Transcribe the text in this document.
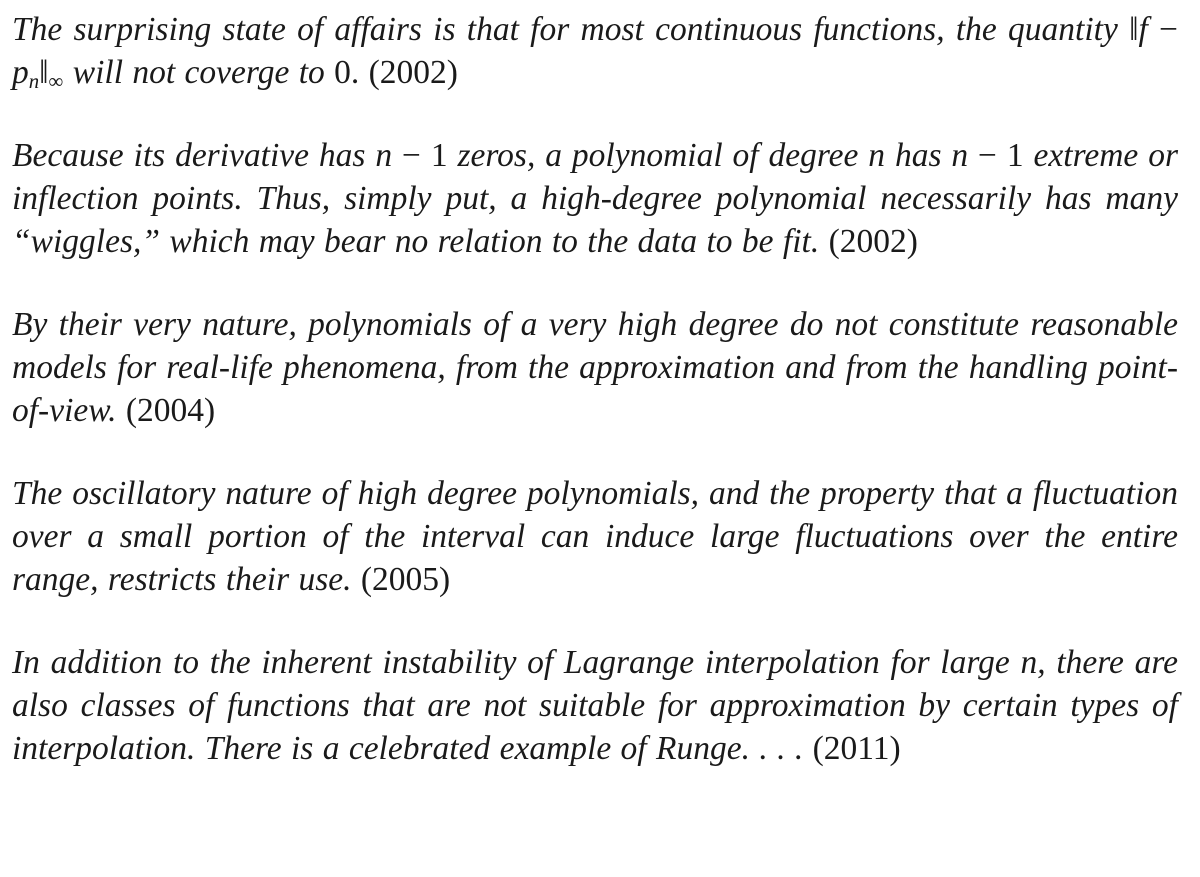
The surprising state of affairs is that for most continuous functions, the quantity ‖f − $p_n‖_\infty$ will not coverge to 0. (2002)

Because its derivative has n − 1 zeros, a polynomial of degree n has n − 1 extreme or inflection points. Thus, simply put, a high-degree polynomial necessarily has many “wiggles,” which may bear no relation to the data to be fit. (2002)

By their very nature, polynomials of a very high degree do not constitute reasonable models for real-life phenomena, from the approximation and from the handling point-of-view. (2004)

The oscillatory nature of high degree polynomials, and the property that a fluctuation over a small portion of the interval can induce large fluctuations over the entire range, restricts their use. (2005)

In addition to the inherent instability of Lagrange interpolation for large n, there are also classes of functions that are not suitable for approximation by certain types of interpolation. There is a celebrated example of Runge. . . . (2011)
